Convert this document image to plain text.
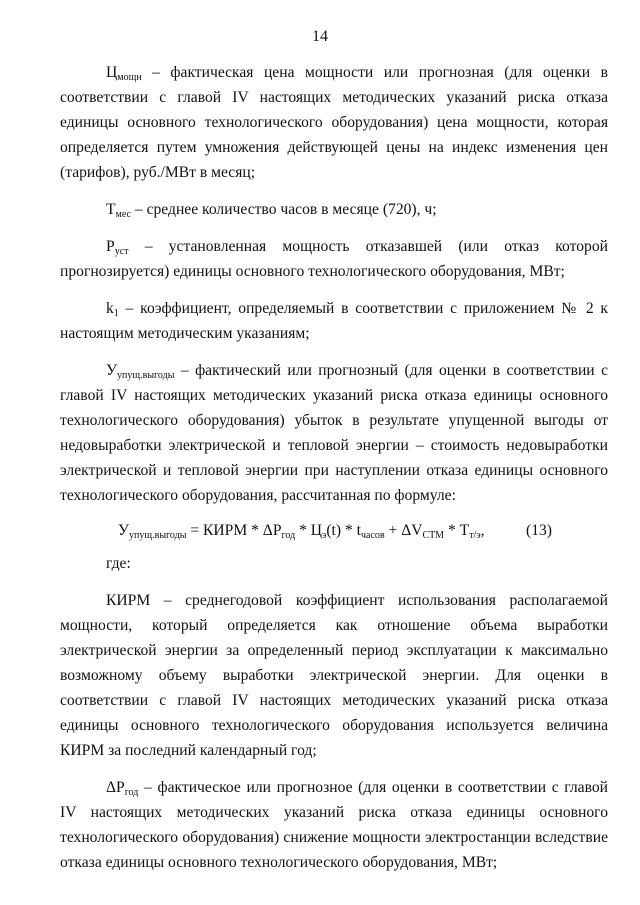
14

$Ц_{мощн}$ – фактическая цена мощности или прогнозная (для оценки в соответствии с главой IV настоящих методических указаний риска отказа единицы основного технологического оборудования) цена мощности, которая определяется путем умножения действующей цены на индекс изменения цен (тарифов), руб./МВт в месяц;

$T_{мес}$ – среднее количество часов в месяце (720), ч;

$P_{уст}$ – установленная мощность отказавшей (или отказ которой прогнозируется) единицы основного технологического оборудования, МВт;

$k_1$ – коэффициент, определяемый в соответствии с приложением № 2 к настоящим методическим указаниям;

$У_{упущ.выгоды}$ – фактический или прогнозный (для оценки в соответствии с главой IV настоящих методических указаний риска отказа единицы основного технологического оборудования) убыток в результате упущенной выгоды от недовыработки электрической и тепловой энергии – стоимость недовыработки электрической и тепловой энергии при наступлении отказа единицы основного технологического оборудования, рассчитанная по формуле:

$У_{упущ.выгоды}$ = КИРМ * $\Delta P_{год} * Ц_э(t) * t_{часов} + \Delta V_{СТМ} * T_{т/э}$,	(13)
где:

КИРМ – среднегодовой коэффициент использования располагаемой мощности, который определяется как отношение объема выработки электрической энергии за определенный период эксплуатации к максимально возможному объему выработки электрической энергии. Для оценки в соответствии с главой IV настоящих методических указаний риска отказа единицы основного технологического оборудования используется величина КИРМ за последний календарный год;

$\Delta P_{год}$ – фактическое или прогнозное (для оценки в соответствии с главой IV настоящих методических указаний риска отказа единицы основного технологического оборудования) снижение мощности электростанции вследствие отказа единицы основного технологического оборудования, МВт;
